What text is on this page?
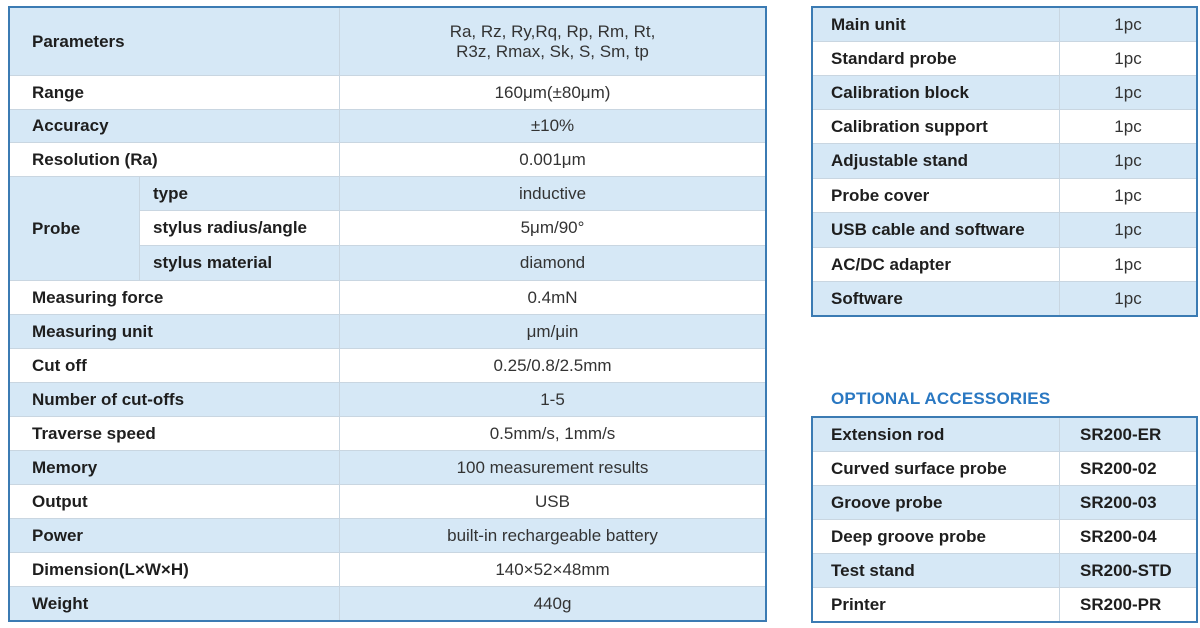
Parameters		Ra, Rz, Ry,Rq, Rp, Rm, Rt,
R3z, Rmax, Sk, S, Sm, tp

Range		160μm(±80μm)
Accuracy		±10%
Resolution (Ra)		0.001μm
Probe	type	inductive
	stylus radius/angle	5μm/90°
	stylus material	diamond
Measuring force		0.4mN
Measuring unit		μm/μin
Cut off		0.25/0.8/2.5mm
Number of cut-offs		1-5
Traverse speed		0.5mm/s, 1mm/s
Memory		100 measurement results
Output		USB
Power		built-in rechargeable battery
Dimension(L×W×H)		140×52×48mm
Weight		440g
Main unit	1pc
Standard probe	1pc
Calibration block	1pc
Calibration support	1pc
Adjustable stand	1pc
Probe cover	1pc
USB cable and software	1pc
AC/DC adapter	1pc
Software	1pc
OPTIONAL ACCESSORIES
Extension rod	SR200-ER
Curved surface probe	SR200-02
Groove probe	SR200-03
Deep groove probe	SR200-04
Test stand	SR200-STD
Printer	SR200-PR
